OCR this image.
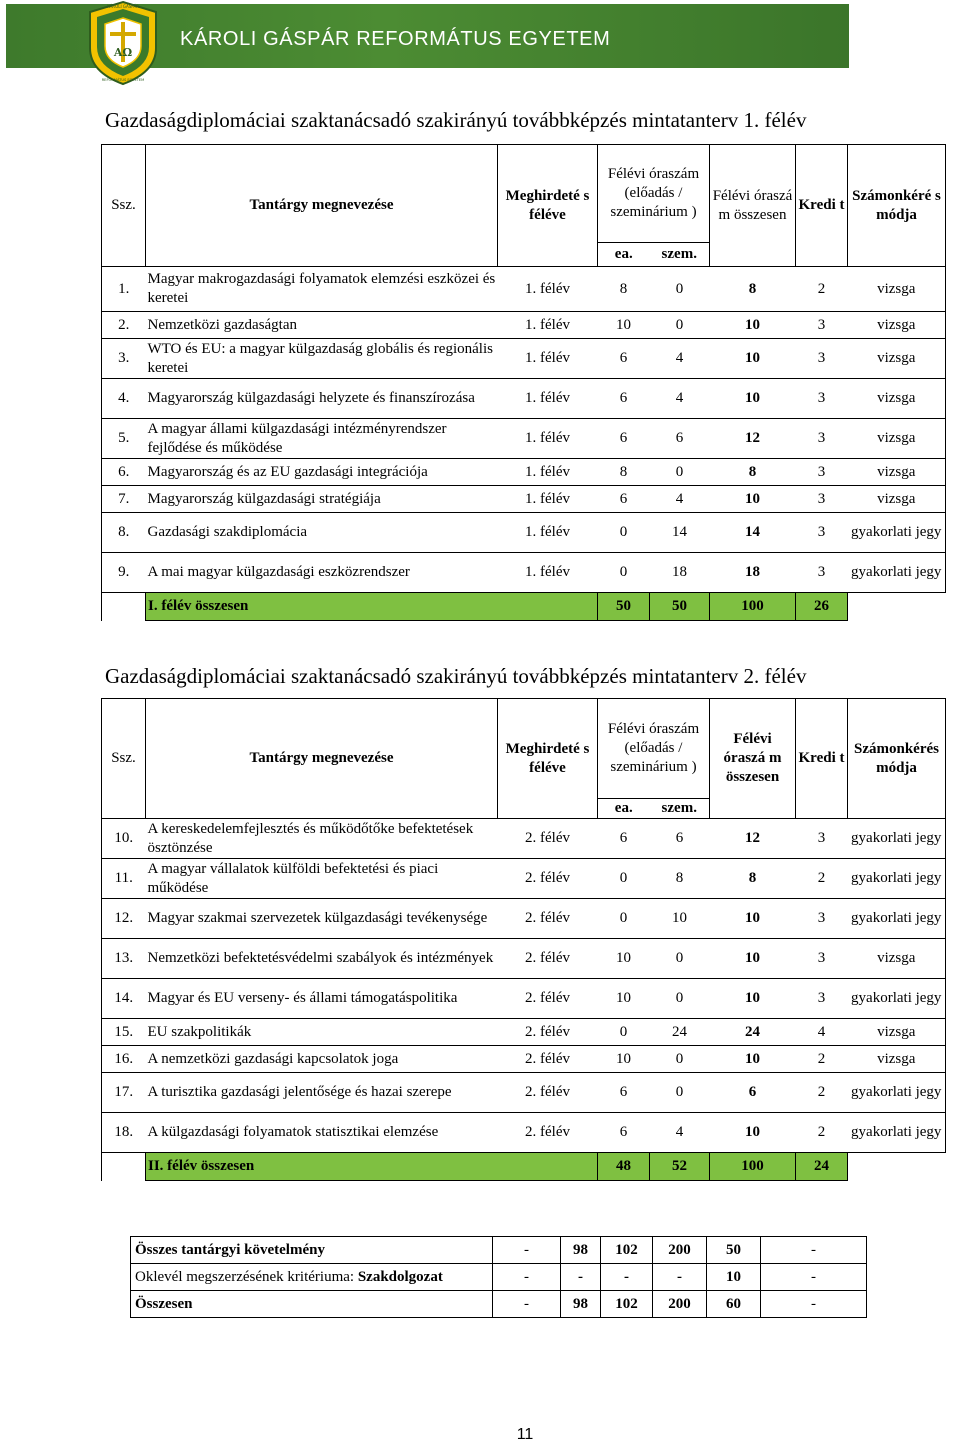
KÁROLI GÁSPÁR REFORMÁTUS EGYETEM
AΩ
KÁROLI GÁSPÁR
REFORMÁTUS EGYETEM
Gazdaságdiplomáciai szaktanácsadó szakirányú továbbképzés mintatanterv 1. félév
Ssz.	Tantárgy megnevezése	Meghirdeté s féléve	Félévi óraszám (előadás / szeminárium )		Félévi óraszá m összesen	Kredi t	Számonkéré s módja
			ea.	szem.			
1.	Magyar makrogazdasági folyamatok elemzési eszközei és keretei	1. félév	8	0	8	2	vizsga
2.	Nemzetközi gazdaságtan	1. félév	10	0	10	3	vizsga
3.	WTO és EU: a magyar külgazdaság globális és regionális keretei	1. félév	6	4	10	3	vizsga
4.	Magyarország külgazdasági helyzete és finanszírozása	1. félév	6	4	10	3	vizsga
5.	A magyar állami külgazdasági intézményrendszer fejlődése és működése	1. félév	6	6	12	3	vizsga
6.	Magyarország és az EU gazdasági integrációja	1. félév	8	0	8	3	vizsga
7.	Magyarország külgazdasági stratégiája	1. félév	6	4	10	3	vizsga
8.	Gazdasági szakdiplomácia	1. félév	0	14	14	3	gyakorlati jegy
9.	A mai magyar külgazdasági eszközrendszer	1. félév	0	18	18	3	gyakorlati jegy
	I. félév összesen		50	50	100	26	
Gazdaságdiplomáciai szaktanácsadó szakirányú továbbképzés mintatanterv 2. félév
Ssz.	Tantárgy megnevezése	Meghirdeté s féléve	Félévi óraszám (előadás / szeminárium )		Félévi óraszá m összesen	Kredi t	Számonkérés módja
			ea.	szem.			
10.	A kereskedelemfejlesztés és működőtőke befektetések ösztönzése	2. félév	6	6	12	3	gyakorlati jegy
11.	A magyar vállalatok külföldi befektetési és piaci működése	2. félév	0	8	8	2	gyakorlati jegy
12.	Magyar szakmai szervezetek külgazdasági tevékenysége	2. félév	0	10	10	3	gyakorlati jegy
13.	Nemzetközi befektetésvédelmi szabályok és intézmények	2. félév	10	0	10	3	vizsga
14.	Magyar és EU verseny- és állami támogatáspolitika	2. félév	10	0	10	3	gyakorlati jegy
15.	EU szakpolitikák	2. félév	0	24	24	4	vizsga
16.	A nemzetközi gazdasági kapcsolatok joga	2. félév	10	0	10	2	vizsga
17.	A turisztika gazdasági jelentősége és hazai szerepe	2. félév	6	0	6	2	gyakorlati jegy
18.	A külgazdasági folyamatok statisztikai elemzése	2. félév	6	4	10	2	gyakorlati jegy
	II. félév összesen		48	52	100	24	
Összes tantárgyi követelmény	-	98	102	200	50	-
Oklevél megszerzésének kritériuma: Szakdolgozat	-	-	-	-	10	-
Összesen	-	98	102	200	60	-
11
